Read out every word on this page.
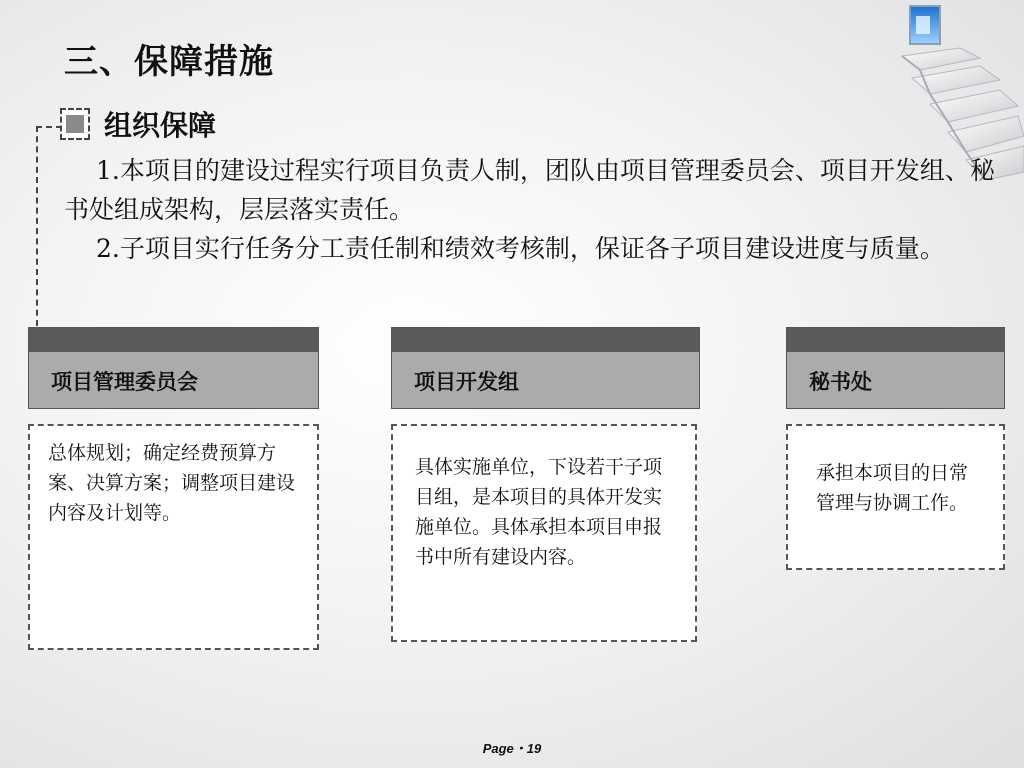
三、保障措施
组织保障
1.本项目的建设过程实行项目负责人制，团队由项目管理委员会、项目开发组、秘书处组成架构，层层落实责任。
2.子项目实行任务分工责任制和绩效考核制，保证各子项目建设进度与质量。
项目管理委员会	项目开发组	秘书处
总体规划；确定经费预算方案、决算方案；调整项目建设内容及计划等。
具体实施单位，下设若干子项目组，是本项目的具体开发实施单位。具体承担本项目申报书中所有建设内容。
承担本项目的日常管理与协调工作。
Page・19
